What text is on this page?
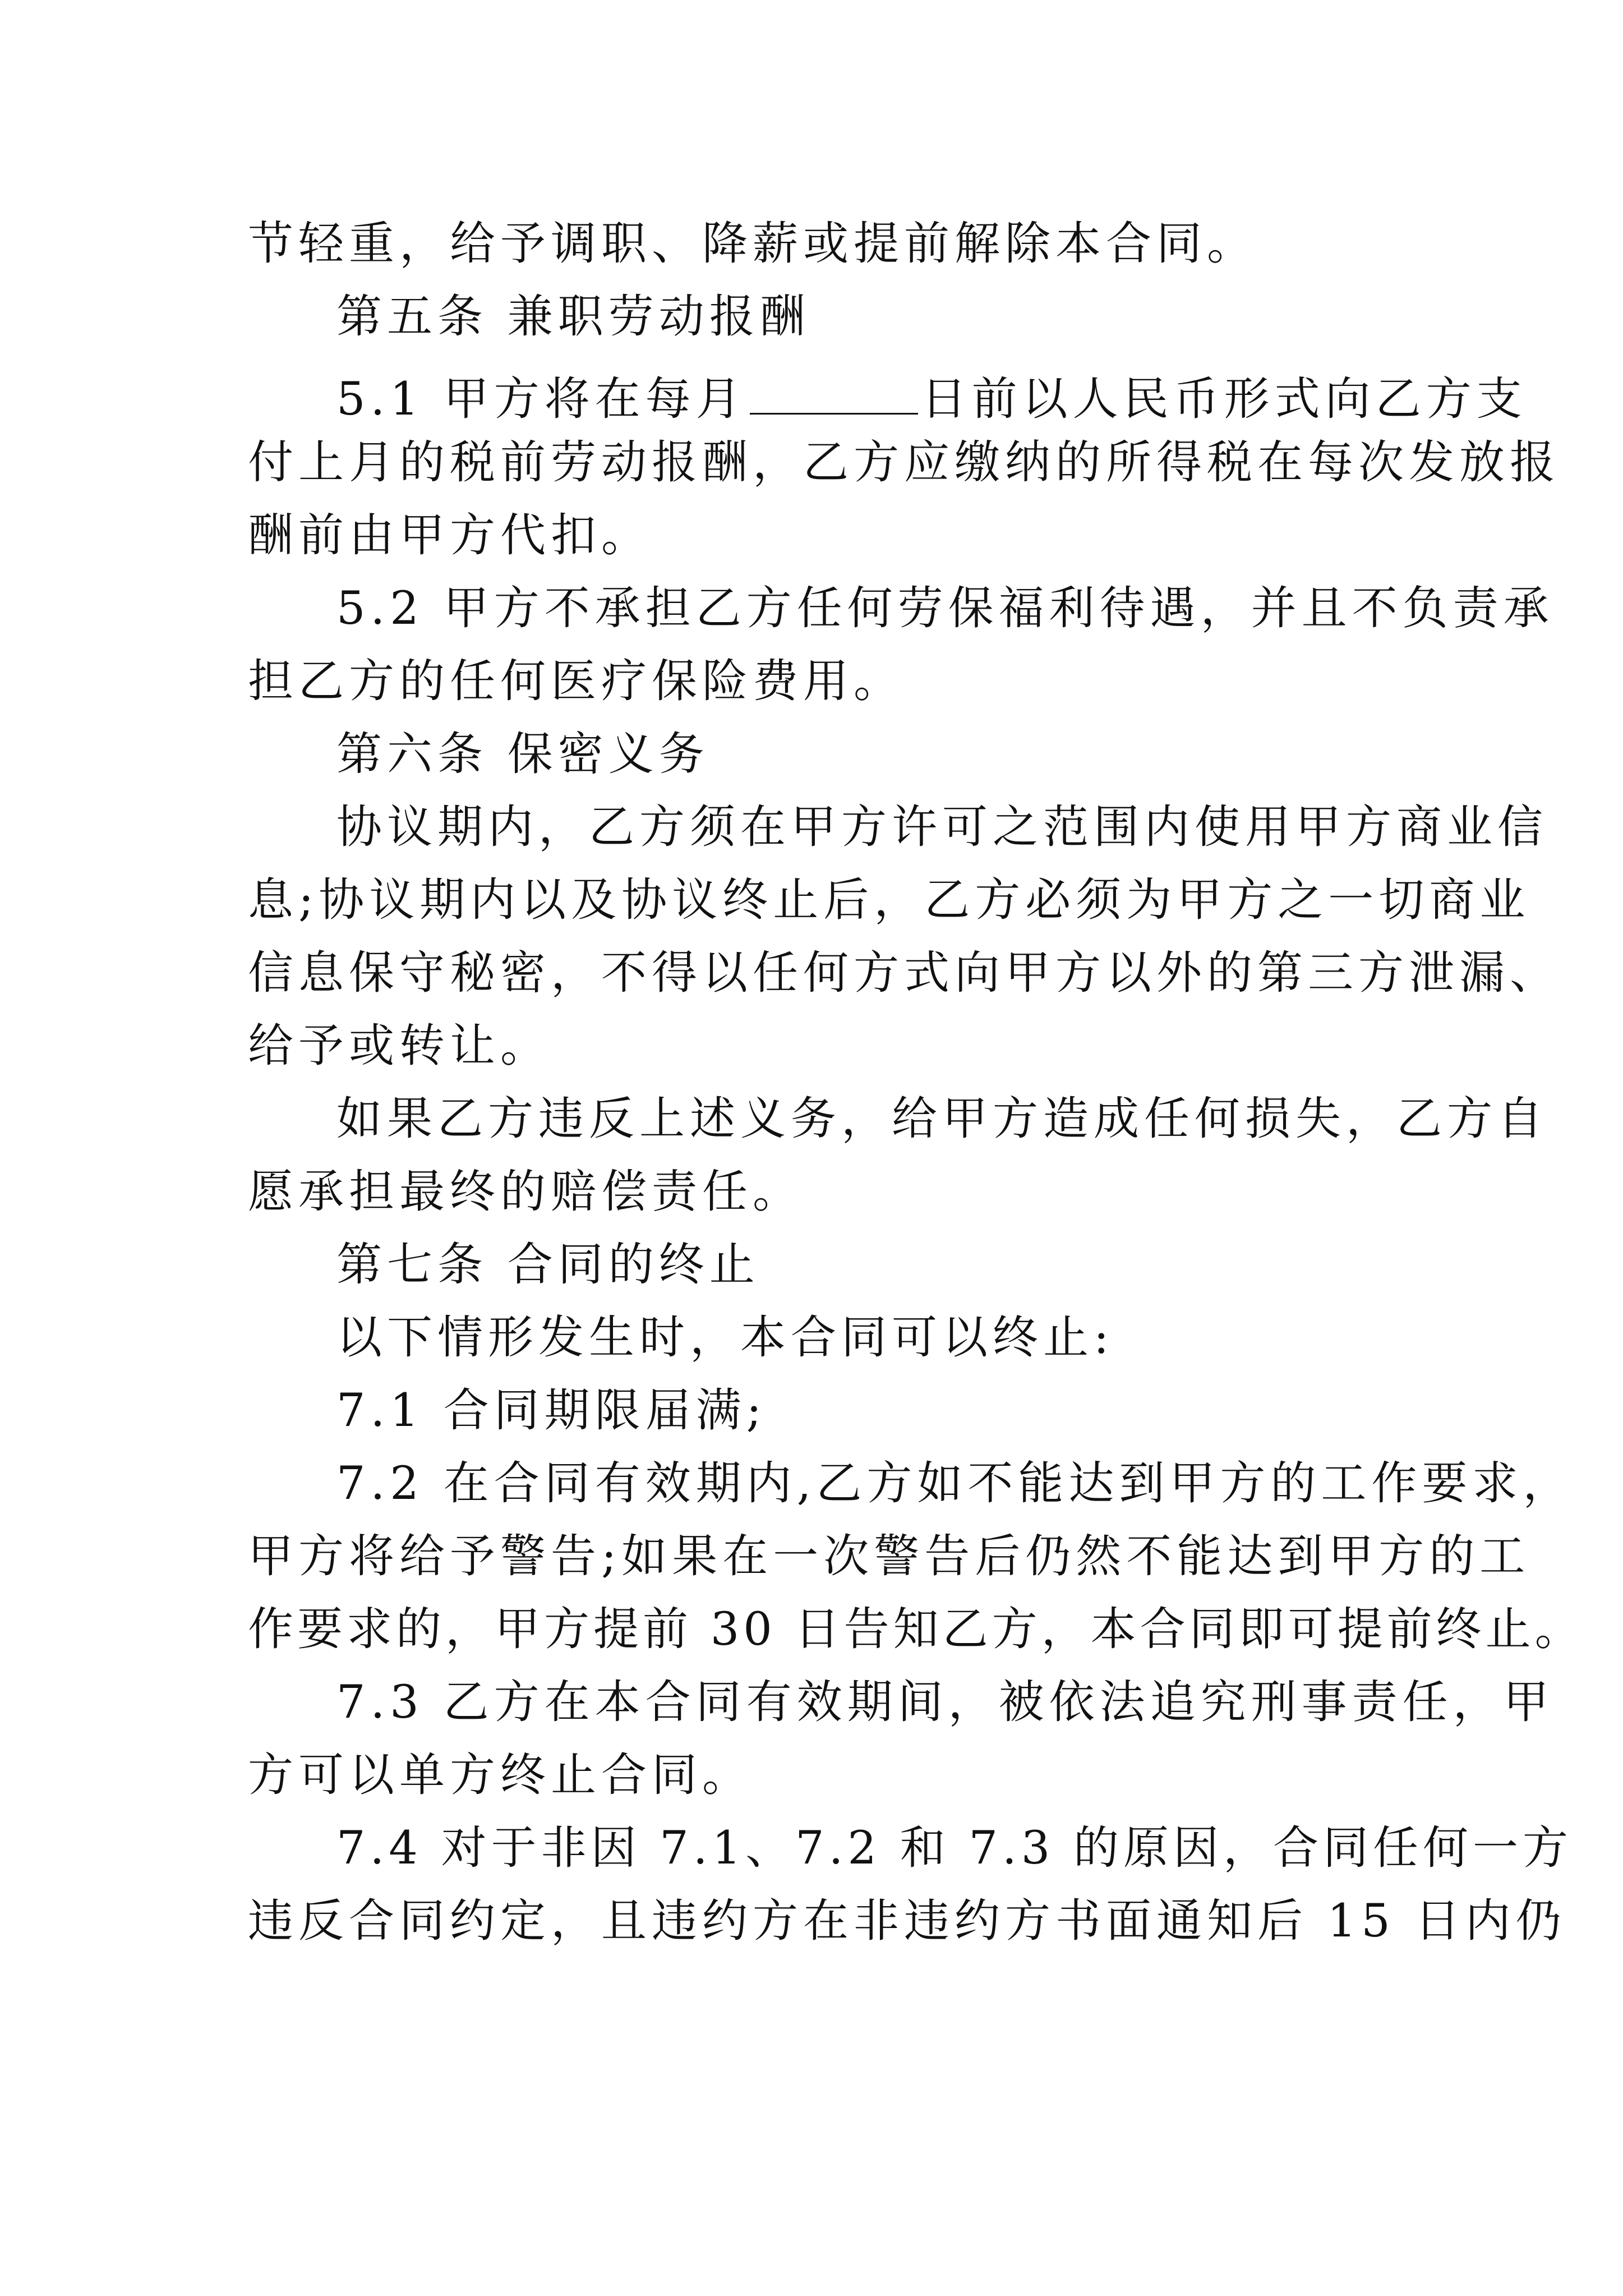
节轻重，给予调职、降薪或提前解除本合同。

第五条 兼职劳动报酬

5.1 甲方将在每月	日前以人民币形式向乙方支

付上月的税前劳动报酬，乙方应缴纳的所得税在每次发放报

酬前由甲方代扣。

5.2 甲方不承担乙方任何劳保福利待遇，并且不负责承

担乙方的任何医疗保险费用。

第六条 保密义务

协议期内，乙方须在甲方许可之范围内使用甲方商业信

息;协议期内以及协议终止后，乙方必须为甲方之一切商业

信息保守秘密，不得以任何方式向甲方以外的第三方泄漏、

给予或转让。

如果乙方违反上述义务，给甲方造成任何损失，乙方自

愿承担最终的赔偿责任。

第七条 合同的终止

以下情形发生时，本合同可以终止:

7.1 合同期限届满;

7.2 在合同有效期内,乙方如不能达到甲方的工作要求，

甲方将给予警告;如果在一次警告后仍然不能达到甲方的工

作要求的，甲方提前 30 日告知乙方，本合同即可提前终止。

7.3 乙方在本合同有效期间，被依法追究刑事责任，甲

方可以单方终止合同。

7.4 对于非因 7.1、7.2 和 7.3 的原因，合同任何一方

违反合同约定，且违约方在非违约方书面通知后 15 日内仍
